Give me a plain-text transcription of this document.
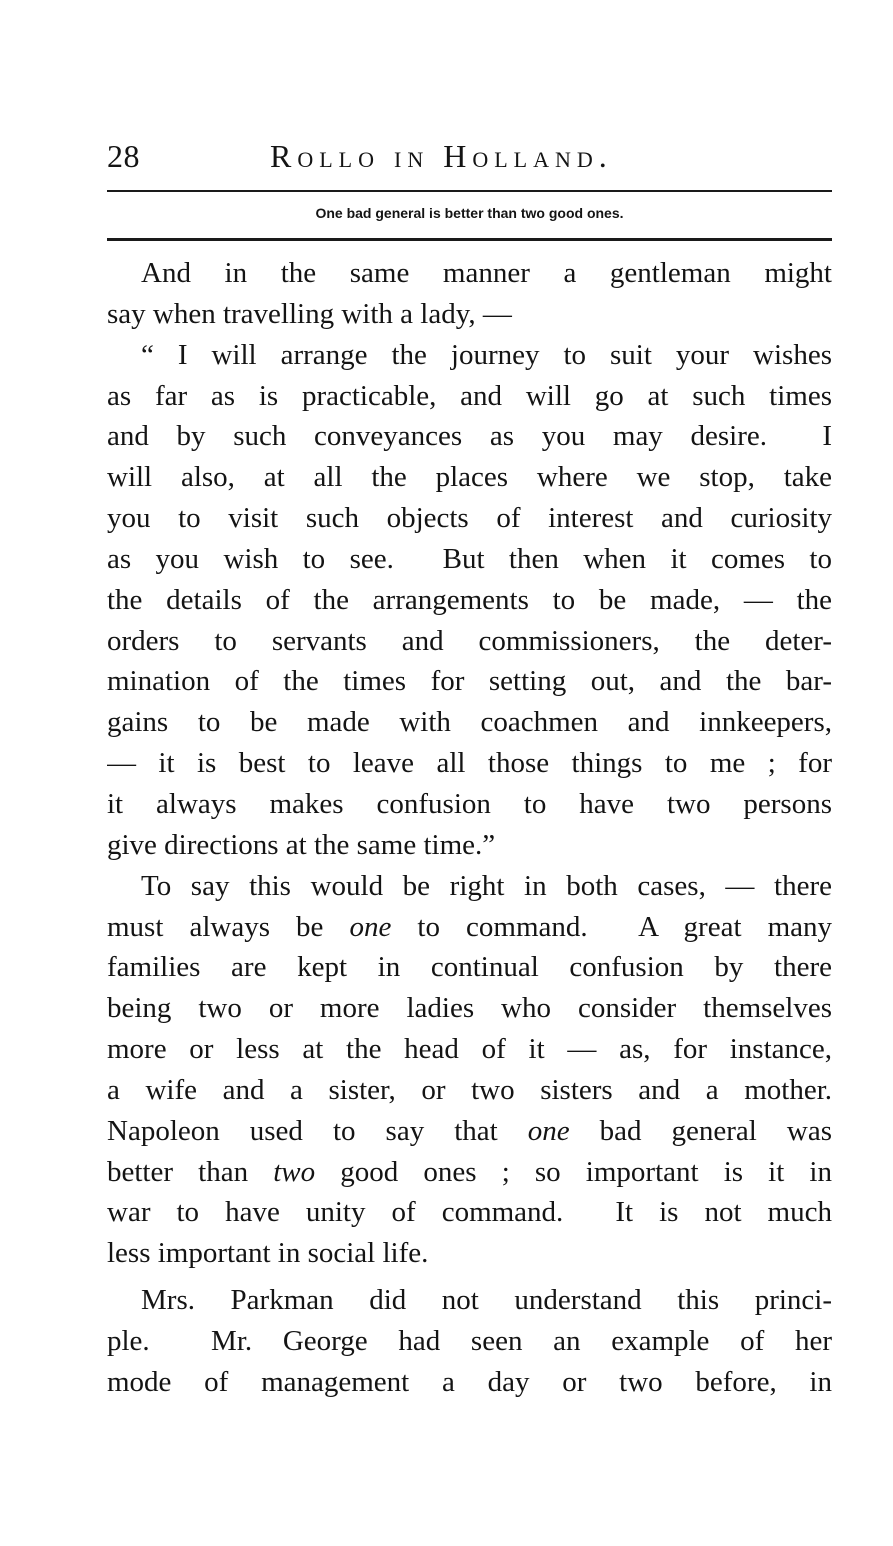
28	Rollo in Holland.
One bad general is better than two good ones.
And in the same manner a gentleman might
say when travelling with a lady, —
“ I will arrange the journey to suit your wishes
as far as is practicable, and will go at such times
and by such conveyances as you may desire.  I
will also, at all the places where we stop, take
you to visit such objects of interest and curiosity
as you wish to see.  But then when it comes to
the details of the arrangements to be made, — the
orders to servants and commissioners, the deter-
mination of the times for setting out, and the bar-
gains to be made with coachmen and innkeepers,
— it is best to leave all those things to me ; for
it always makes confusion to have two persons
give directions at the same time.”
To say this would be right in both cases, — there
must always be one to command.  A great many
families are kept in continual confusion by there
being two or more ladies who consider themselves
more or less at the head of it — as, for instance,
a wife and a sister, or two sisters and a mother.
Napoleon used to say that one bad general was
better than two good ones ; so important is it in
war to have unity of command.  It is not much
less important in social life.
Mrs. Parkman did not understand this princi-
ple.  Mr. George had seen an example of her
mode of management a day or two before, in
